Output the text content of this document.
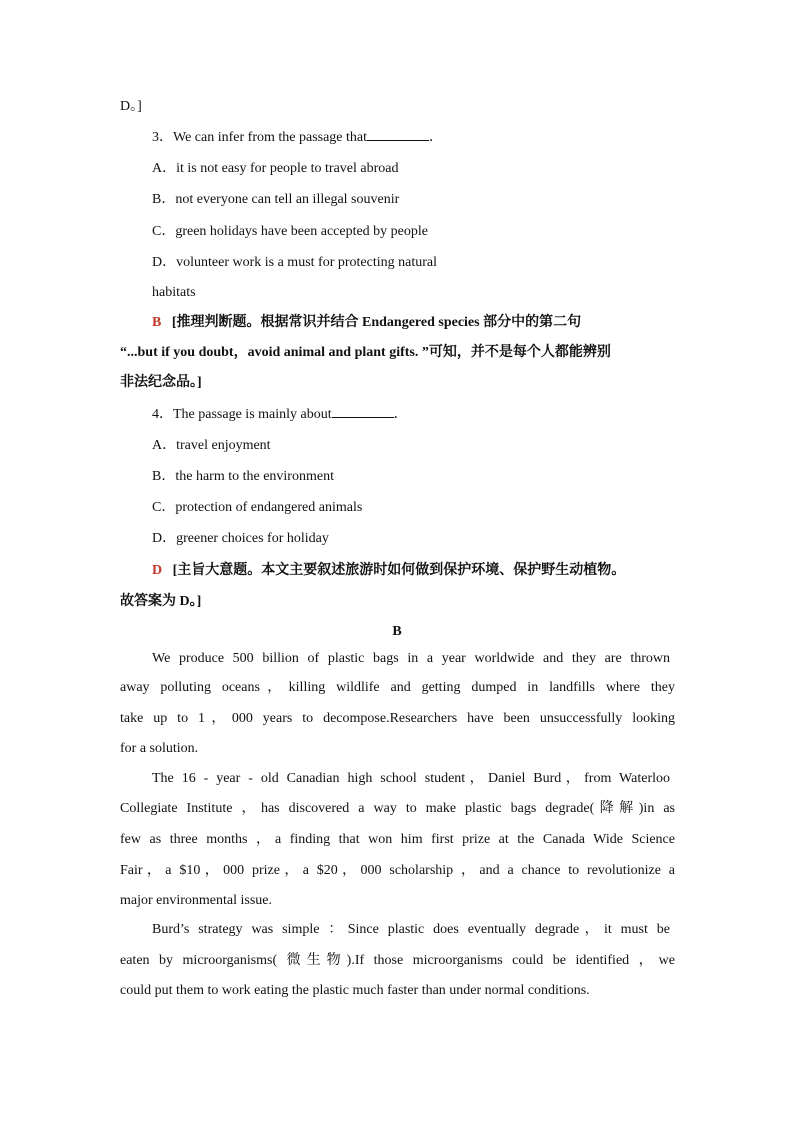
D。]
3．We can infer from the passage that	．
A．it is not easy for people to travel abroad
B．not everyone can tell an illegal souvenir
C．green holidays have been accepted by people
D．volunteer work is a must for protecting natural
habitats
B [推理判断题。根据常识并结合 Endangered species 部分中的第二句
“...but if you doubt，avoid animal and plant gifts. ”可知，并不是每个人都能辨别
非法纪念品。]
4．The passage is mainly about	．
A．travel enjoyment
B．the harm to the environment
C．protection of endangered animals
D．greener choices for holiday
D [主旨大意题。本文主要叙述旅游时如何做到保护环境、保护野生动植物。
故答案为 D。]
B
We produce 500 billion of plastic bags in a year worldwide and they are thrown
away polluting oceans，killing wildlife and getting dumped in landfills where they
take up to 1，000 years to decompose.Researchers have been unsuccessfully looking
for a solution.
The 16 - year - old Canadian high school student，Daniel Burd，from Waterloo
Collegiate Institute ，has discovered a way to make plastic bags degrade(降解)in as
few as three months ，a finding that won him first prize at the Canada Wide Science
Fair，a $10，000 prize，a $20，000 scholarship ，and a chance to revolutionize a
major environmental issue.
Burd’s strategy was simple ：Since plastic does eventually degrade，it must be
eaten by microorganisms( 微生物).If those microorganisms could be identified ，we
could put them to work eating the plastic much faster than under normal conditions.
